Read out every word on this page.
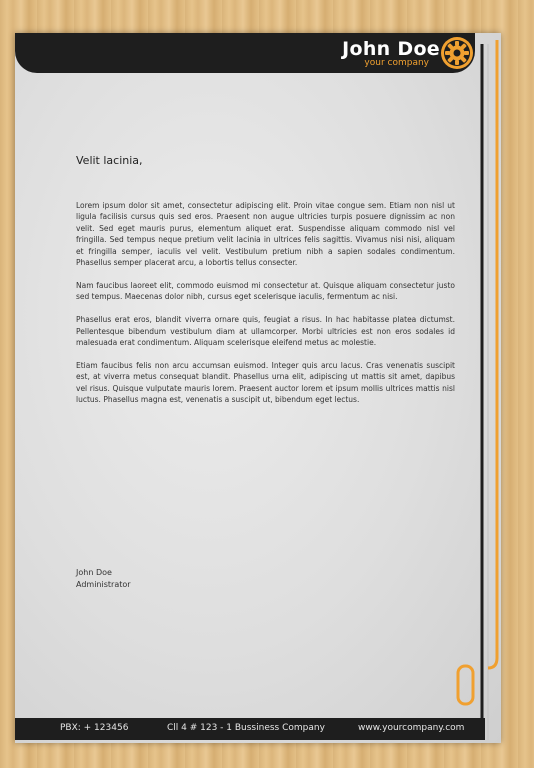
John Doe
your company
Velit lacinia,

Lorem ipsum dolor sit amet, consectetur adipiscing elit. Proin vitae congue sem. Etiam non nisl ut ligula facilisis cursus quis sed eros. Praesent non augue ultricies turpis posuere dignissim ac non velit. Sed eget mauris purus, elementum aliquet erat. Suspendisse aliquam commodo nisl vel fringilla. Sed tempus neque pretium velit lacinia in ultrices felis sagittis. Vivamus nisi nisi, aliquam et fringilla semper, iaculis vel velit. Vestibulum pretium nibh a sapien sodales condimentum. Phasellus semper placerat arcu, a lobortis tellus consecter.

Nam faucibus laoreet elit, commodo euismod mi consectetur at. Quisque aliquam consectetur justo sed tempus. Maecenas dolor nibh, cursus eget scelerisque iaculis, fermentum ac nisi.

Phasellus erat eros, blandit viverra ornare quis, feugiat a risus. In hac habitasse platea dictumst. Pellentesque bibendum vestibulum diam at ullamcorper. Morbi ultricies est non eros sodales id malesuada erat condimentum. Aliquam scelerisque eleifend metus ac molestie.

Etiam faucibus felis non arcu accumsan euismod. Integer quis arcu lacus. Cras venenatis suscipit est, at viverra metus consequat blandit. Phasellus urna elit, adipiscing ut mattis sit amet, dapibus vel risus. Quisque vulputate mauris lorem. Praesent auctor lorem et ipsum mollis ultrices mattis nisl luctus. Phasellus magna est, venenatis a suscipit ut, bibendum eget lectus.

John Doe
Administrator
PBX: + 123456	Cll 4 # 123 - 1 Bussiness Company	www.yourcompany.com
